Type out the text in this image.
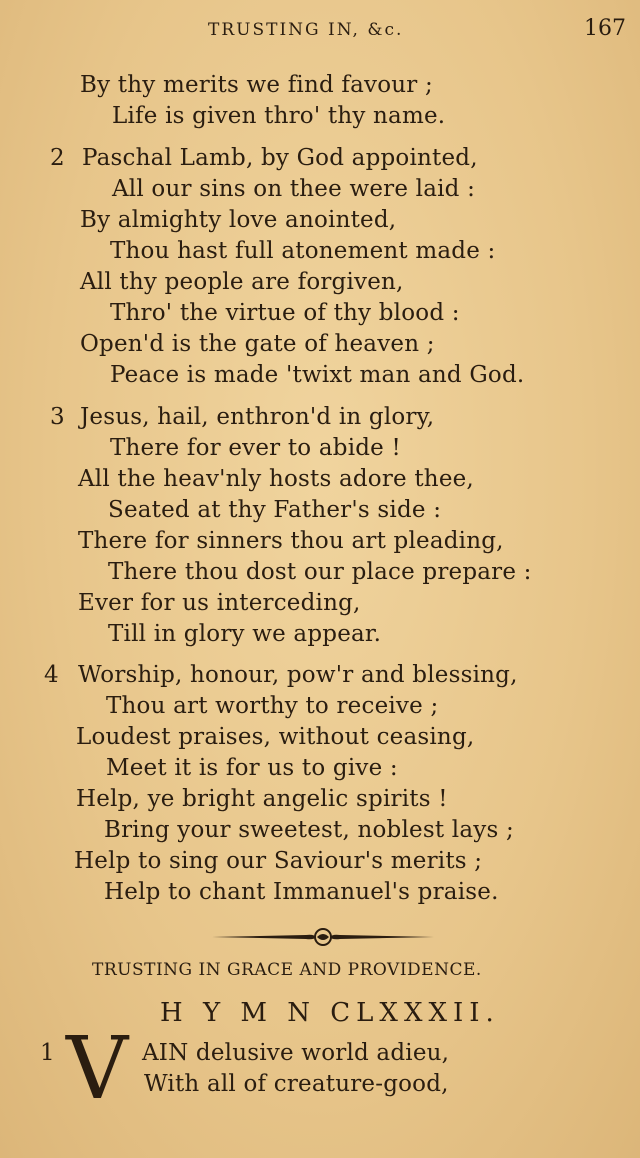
TRUSTING IN, &c.	167
By thy merits we find favour ;
Life is given thro' thy name.
2 Paschal Lamb, by God appointed,
All our sins on thee were laid :
By almighty love anointed,
Thou hast full atonement made :
All thy people are forgiven,
Thro' the virtue of thy blood :
Open'd is the gate of heaven ;
Peace is made 'twixt man and God.
3 Jesus, hail, enthron'd in glory,
There for ever to abide !
All the heav'nly hosts adore thee,
Seated at thy Father's side :
There for sinners thou art pleading,
There thou dost our place prepare :
Ever for us interceding,
Till in glory we appear.
4 Worship, honour, pow'r and blessing,
Thou art worthy to receive ;
Loudest praises, without ceasing,
Meet it is for us to give :
Help, ye bright angelic spirits !
Bring your sweetest, noblest lays ;
Help to sing our Saviour's merits ;
Help to chant Immanuel's praise.
TRUSTING IN GRACE AND PROVIDENCE.
H Y M N CLXXXII.
1 V AIN delusive world adieu,
With all of creature-good,
